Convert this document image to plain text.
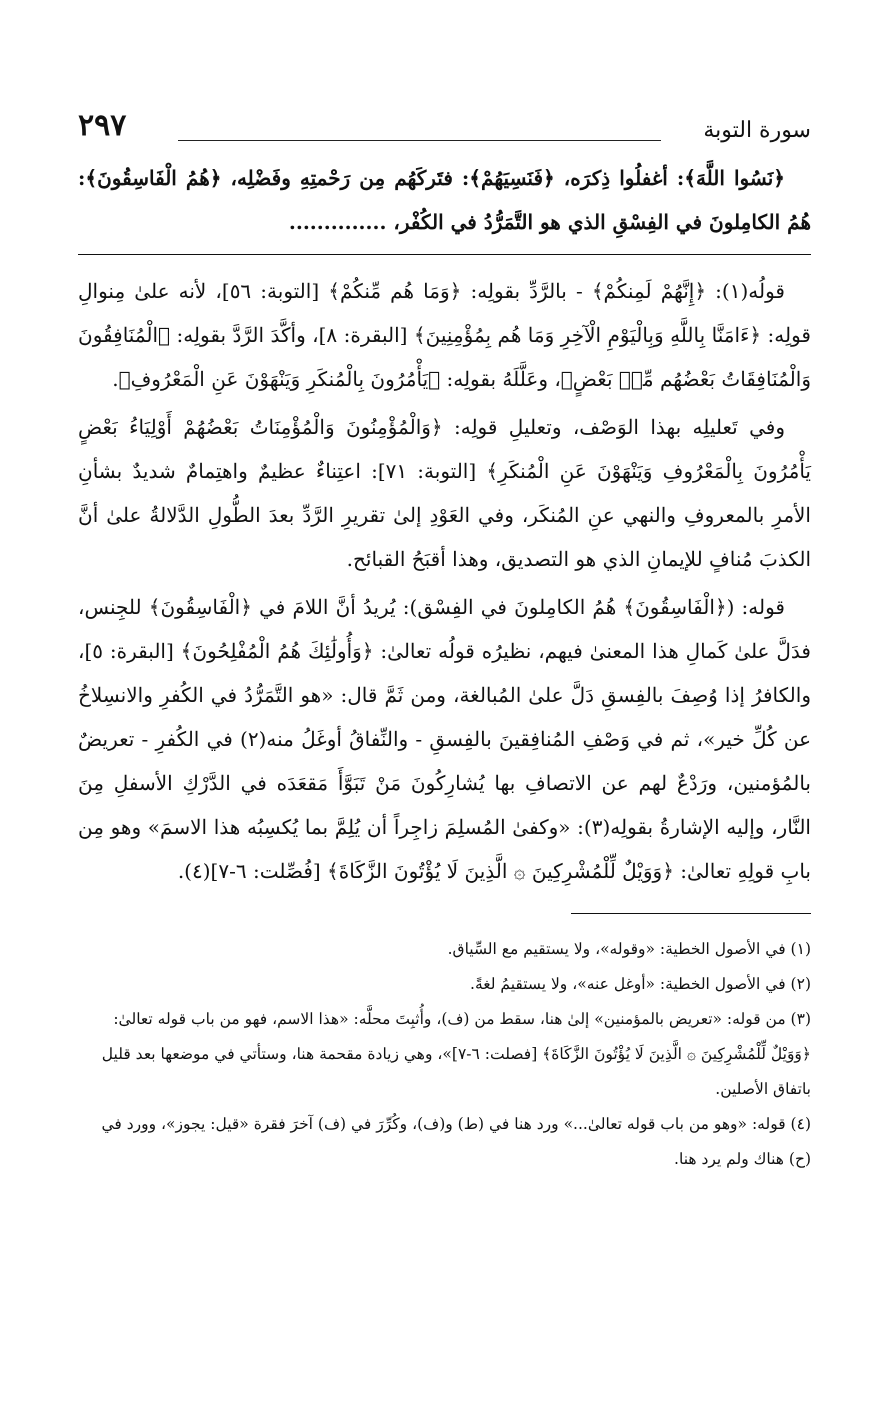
سورة التوبة
٢٩٧

﴿نَسُوا اللَّهَ﴾: أغفلُوا ذِكرَه، ﴿فَنَسِيَهُمْ﴾: فتَركَهُم مِن رَحْمتِهِ وفَضْلِه، ﴿هُمُ الْفَاسِقُونَ﴾: هُمُ الكامِلونَ في الفِسْقِ الذي هو التَّمَرُّدُ في الكُفْر، ..............

قولُه(١): ﴿إِنَّهُمْ لَمِنكُمْ﴾ - بالرَّدِّ بقولِه: ﴿وَمَا هُم مِّنكُمْ﴾ [التوبة: ٥٦]، لأنه علىٰ مِنوالِ قولِه: ﴿ءَامَنَّا بِاللَّهِ وَبِالْيَوْمِ الْآخِرِ وَمَا هُم بِمُؤْمِنِينَ﴾ [البقرة: ٨]، وأكَّدَ الرَّدَّ بقولِه: ﴿الْمُنَافِقُونَ وَالْمُنَافِقَاتُ بَعْضُهُم مِّنۢ بَعْضٍ﴾، وعَلَّلَهُ بقولِه: ﴿يَأْمُرُونَ بِالْمُنكَرِ وَيَنْهَوْنَ عَنِ الْمَعْرُوفِ﴾.

وفي تَعليلِه بهذا الوَصْف، وتعليلِ قولِه: ﴿وَالْمُؤْمِنُونَ وَالْمُؤْمِنَاتُ بَعْضُهُمْ أَوْلِيَاءُ بَعْضٍ يَأْمُرُونَ بِالْمَعْرُوفِ وَيَنْهَوْنَ عَنِ الْمُنكَرِ﴾ [التوبة: ٧١]: اعتِناءٌ عظيمٌ واهتِمامٌ شديدٌ بشأنِ الأمرِ بالمعروفِ والنهي عنِ المُنكَر، وفي العَوْدِ إلىٰ تقريرِ الرَّدِّ بعدَ الطُّولِ الدَّلالةُ علىٰ أنَّ الكذبَ مُنافٍ للإيمانِ الذي هو التصديق، وهذا أقبَحُ القبائح.

قوله: (﴿الْفَاسِقُونَ﴾ هُمُ الكامِلونَ في الفِسْق): يُريدُ أنَّ اللامَ في ﴿الْفَاسِقُونَ﴾ للجِنس، فدَلَّ علىٰ كَمالِ هذا المعنىٰ فيهم، نظيرُه قولُه تعالىٰ: ﴿وَأُولَٰئِكَ هُمُ الْمُفْلِحُونَ﴾ [البقرة: ٥]، والكافرُ إذا وُصِفَ بالفِسقِ دَلَّ علىٰ المُبالغة، ومن ثَمَّ قال: «هو التَّمَرُّدُ في الكُفرِ والانسِلاخُ عن كُلِّ خير»، ثم في وَصْفِ المُنافِقينَ بالفِسقِ - والنِّفاقُ أوغَلُ منه(٢) في الكُفرِ - تعريضٌ بالمُؤمنين، ورَدْعٌ لهم عن الاتصافِ بها يُشارِكُونَ مَنْ تَبَوَّأَ مَقعَدَه في الدَّرْكِ الأسفلِ مِنَ النَّار، وإليه الإشارةُ بقولِه(٣): «وكفىٰ المُسلِمَ زاجِراً أن يُلِمَّ بما يُكسِبُه هذا الاسمَ» وهو مِن بابِ قولِهِ تعالىٰ: ﴿وَوَيْلٌ لِّلْمُشْرِكِينَ ۞ الَّذِينَ لَا يُؤْتُونَ الزَّكَاةَ﴾ [فُصِّلت: ٦-٧](٤).

(١) في الأصول الخطية: «وقوله»، ولا يستقيم مع السِّياق.

(٢) في الأصول الخطية: «أوغل عنه»، ولا يستقيمُ لغةً.

(٣) من قوله: «تعريض بالمؤمنين» إلىٰ هنا، سقط من (ف)، وأُثبِتَ محلَّه: «هذا الاسم، فهو من باب قوله تعالىٰ: ﴿وَوَيْلٌ لِّلْمُشْرِكِينَ ۞ الَّذِينَ لَا يُؤْتُونَ الزَّكَاةَ﴾ [فصلت: ٦-٧]»، وهي زيادة مقحمة هنا، وستأتي في موضعها بعد قليل باتفاق الأصلين.

(٤) قوله: «وهو من باب قوله تعالىٰ...» ورد هنا في (ط) و(ف)، وكُرِّرَ في (ف) آخرَ فقرة «قيل: يجوز»، وورد في (ح) هناك ولم يرد هنا.
